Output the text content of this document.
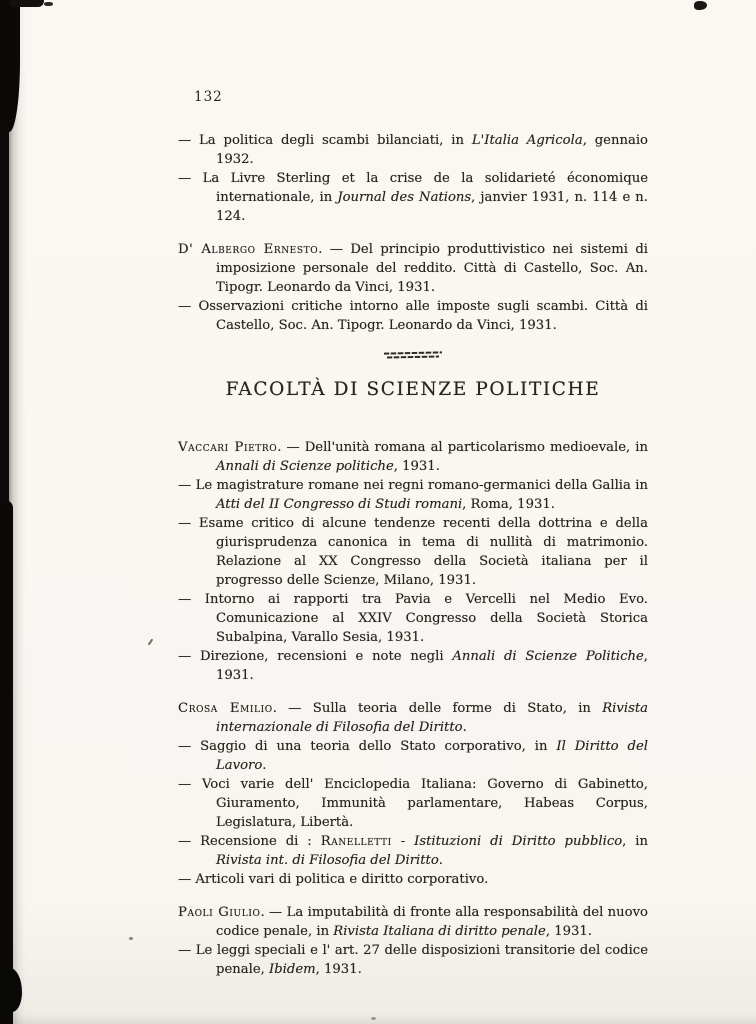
132

— La politica degli scambi bilanciati, in L'Italia Agricola, gennaio 1932.

— La Livre Sterling et la crise de la solidarieté économique internationale, in Journal des Nations, janvier 1931, n. 114 e n. 124.

D' Albergo Ernesto. — Del principio produttivistico nei sistemi di imposizione personale del reddito. Città di Castello, Soc. An. Tipogr. Leonardo da Vinci, 1931.

— Osservazioni critiche intorno alle imposte sugli scambi. Città di Castello, Soc. An. Tipogr. Leonardo da Vinci, 1931.

FACOLTÀ DI SCIENZE POLITICHE

Vaccari Pietro. — Dell'unità romana al particolarismo medioevale, in Annali di Scienze politiche, 1931.

— Le magistrature romane nei regni romano-germanici della Gallia in Atti del II Congresso di Studi romani, Roma, 1931.

— Esame critico di alcune tendenze recenti della dottrina e della giurisprudenza canonica in tema di nullità di matrimonio. Relazione al XX Congresso della Società italiana per il progresso delle Scienze, Milano, 1931.

— Intorno ai rapporti tra Pavia e Vercelli nel Medio Evo. Comunicazione al XXIV Congresso della Società Storica Subalpina, Varallo Sesia, 1931.

— Direzione, recensioni e note negli Annali di Scienze Politiche, 1931.

Crosa Emilio. — Sulla teoria delle forme di Stato, in Rivista internazionale di Filosofia del Diritto.

— Saggio di una teoria dello Stato corporativo, in Il Diritto del Lavoro.

— Voci varie dell' Enciclopedia Italiana: Governo di Gabinetto, Giuramento, Immunità parlamentare, Habeas Corpus, Legislatura, Libertà.

— Recensione di : Ranelletti - Istituzioni di Diritto pubblico, in Rivista int. di Filosofia del Diritto.

— Articoli vari di politica e diritto corporativo.

Paoli Giulio. — La imputabilità di fronte alla responsabilità del nuovo codice penale, in Rivista Italiana di diritto penale, 1931.

— Le leggi speciali e l' art. 27 delle disposizioni transitorie del codice penale, Ibidem, 1931.
